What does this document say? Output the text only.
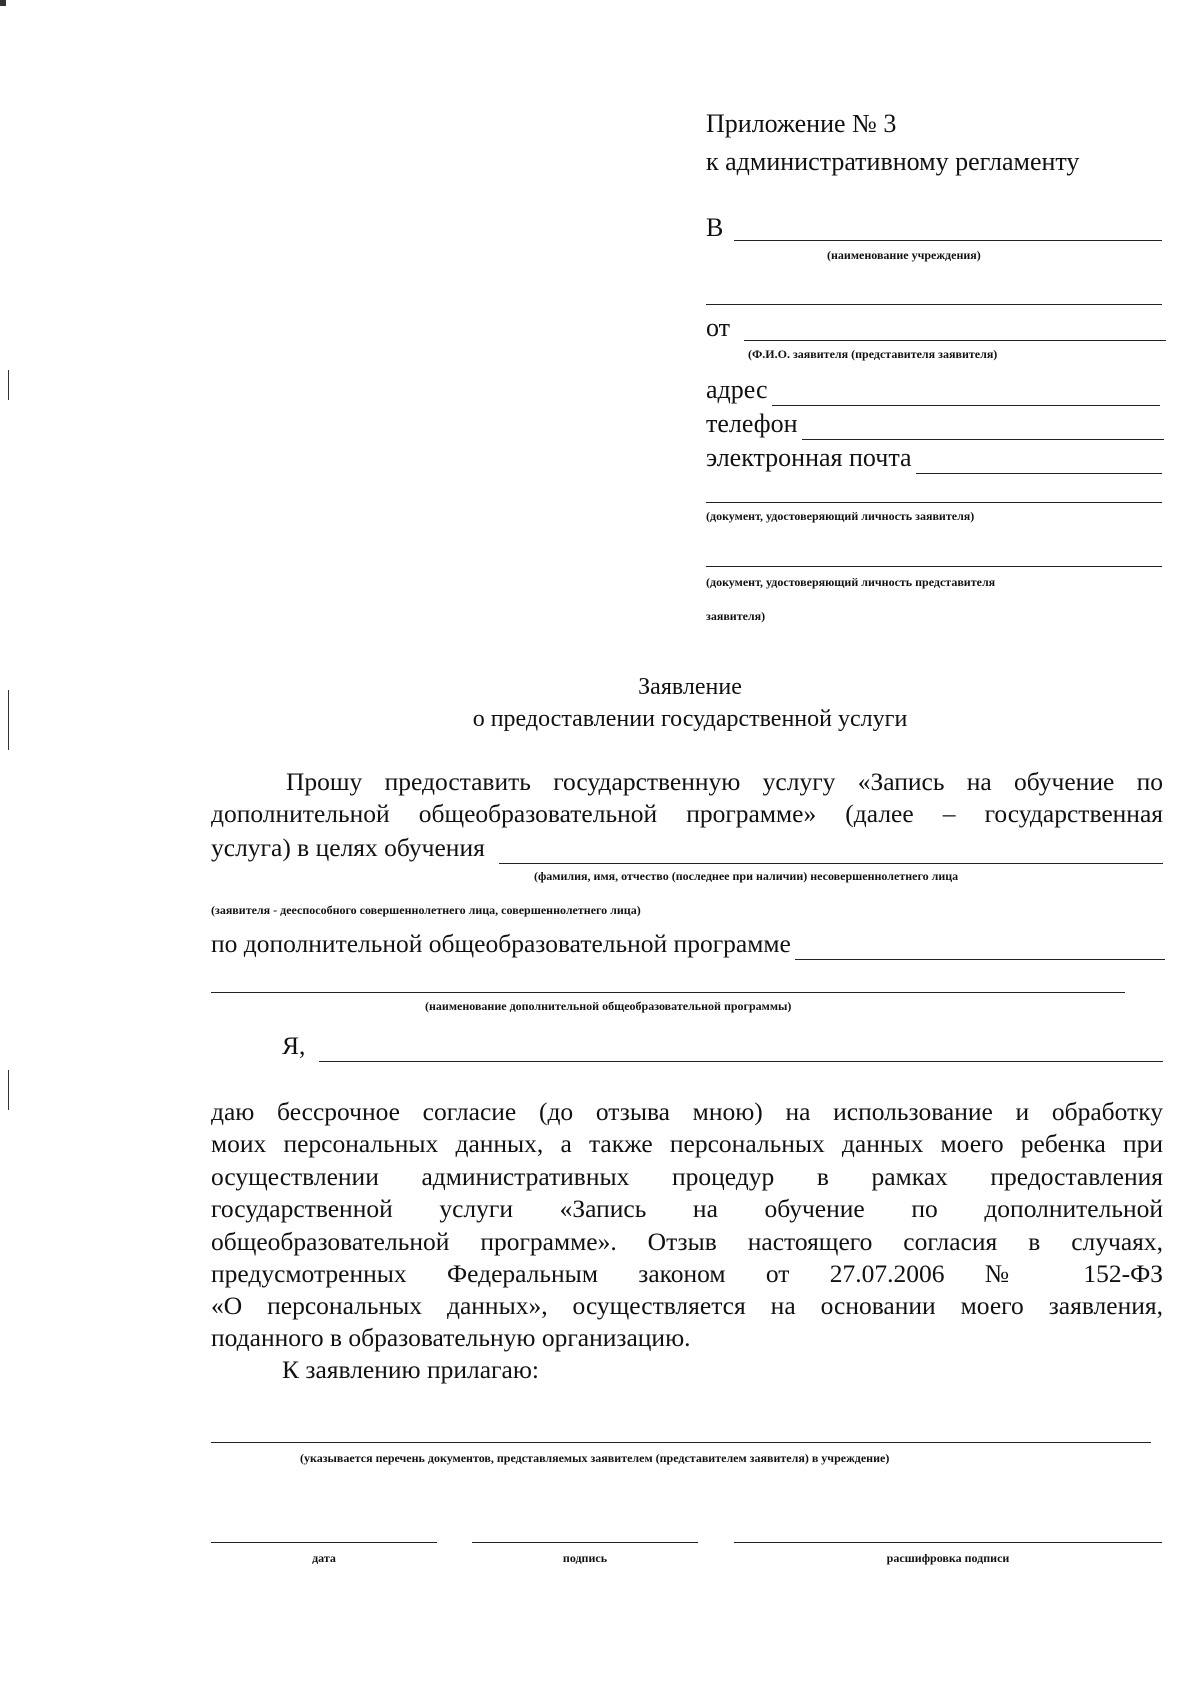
Приложение № 3
к административному регламенту
В
(наименование учреждения)
от
(Ф.И.О. заявителя (представителя заявителя)
адрес
телефон
электронная почта
(документ, удостоверяющий личность заявителя)
(документ, удостоверяющий личность представителя
заявителя)
Заявление
о предоставлении государственной услуги
Прошу предоставить государственную услугу «Запись на обучение по
дополнительной общеобразовательной программе» (далее – государственная
услуга) в целях обучения
(фамилия, имя, отчество (последнее при наличии) несовершеннолетнего лица
(заявителя - дееспособного совершеннолетнего лица, совершеннолетнего лица)
по дополнительной общеобразовательной программе
(наименование дополнительной общеобразовательной программы)
Я,
даю бессрочное согласие (до отзыва мною) на использование и обработку
моих персональных данных, а также персональных данных моего ребенка при
осуществлении административных процедур в рамках предоставления
государственной услуги «Запись на обучение по дополнительной
общеобразовательной программе». Отзыв настоящего согласия в случаях,
предусмотренных Федеральным законом от 27.07.2006 № 152-ФЗ
«О персональных данных», осуществляется на основании моего заявления,
поданного в образовательную организацию.
К заявлению прилагаю:
(указывается перечень документов, представляемых заявителем (представителем заявителя) в учреждение)
дата	подпись	расшифровка подписи
